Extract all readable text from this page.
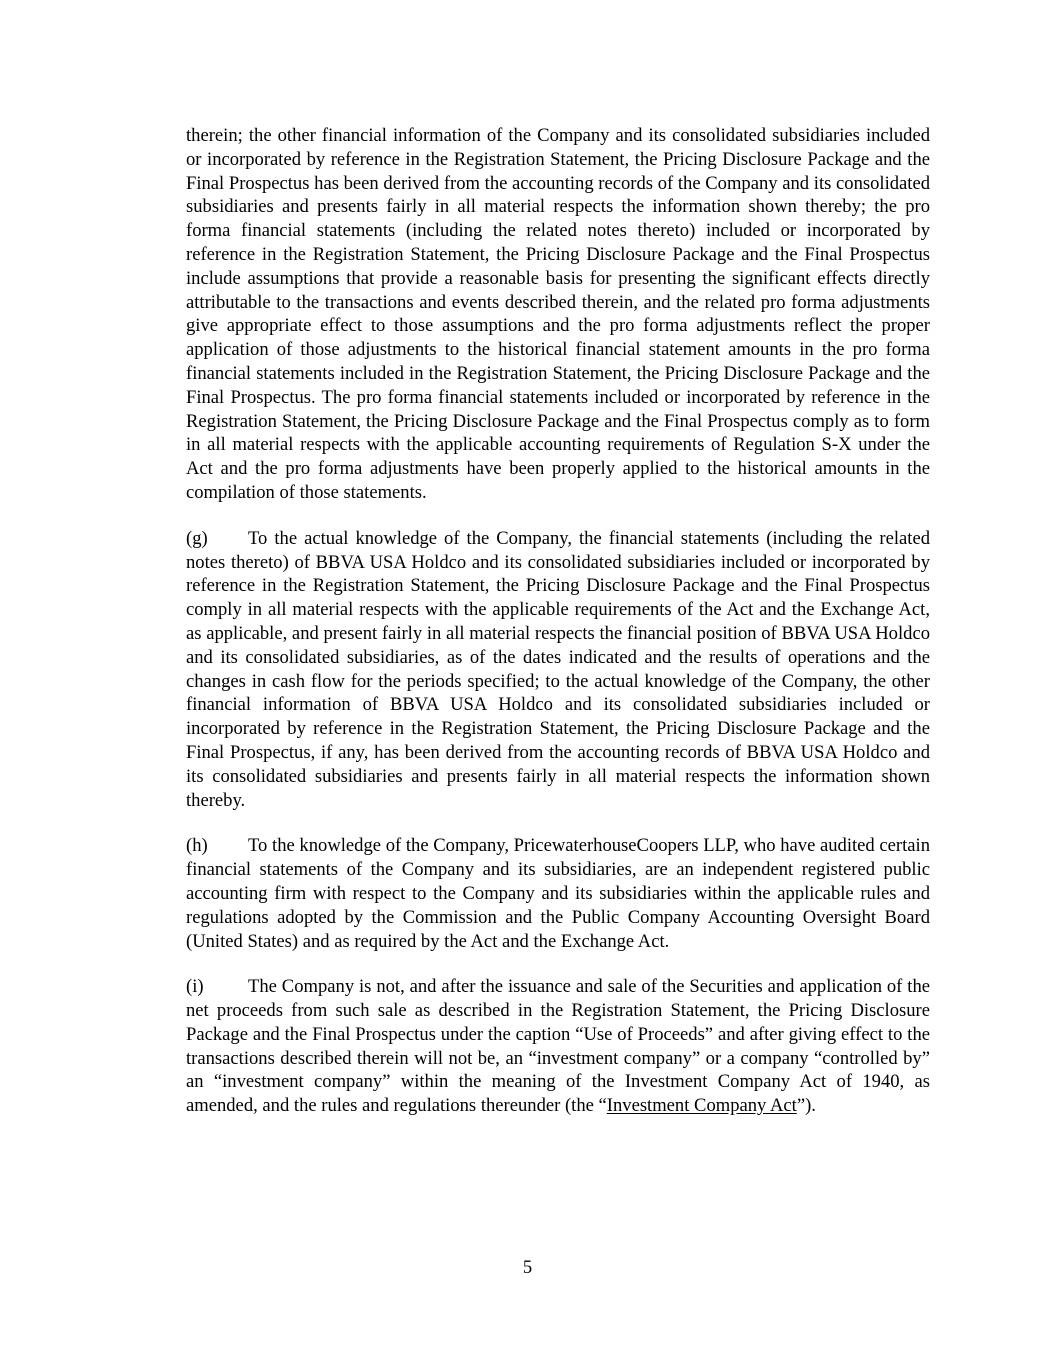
therein; the other financial information of the Company and its consolidated subsidiaries included or incorporated by reference in the Registration Statement, the Pricing Disclosure Package and the Final Prospectus has been derived from the accounting records of the Company and its consolidated subsidiaries and presents fairly in all material respects the information shown thereby; the pro forma financial statements (including the related notes thereto) included or incorporated by reference in the Registration Statement, the Pricing Disclosure Package and the Final Prospectus include assumptions that provide a reasonable basis for presenting the significant effects directly attributable to the transactions and events described therein, and the related pro forma adjustments give appropriate effect to those assumptions and the pro forma adjustments reflect the proper application of those adjustments to the historical financial statement amounts in the pro forma financial statements included in the Registration Statement, the Pricing Disclosure Package and the Final Prospectus. The pro forma financial statements included or incorporated by reference in the Registration Statement, the Pricing Disclosure Package and the Final Prospectus comply as to form in all material respects with the applicable accounting requirements of Regulation S-X under the Act and the pro forma adjustments have been properly applied to the historical amounts in the compilation of those statements.

(g) To the actual knowledge of the Company, the financial statements (including the related notes thereto) of BBVA USA Holdco and its consolidated subsidiaries included or incorporated by reference in the Registration Statement, the Pricing Disclosure Package and the Final Prospectus comply in all material respects with the applicable requirements of the Act and the Exchange Act, as applicable, and present fairly in all material respects the financial position of BBVA USA Holdco and its consolidated subsidiaries, as of the dates indicated and the results of operations and the changes in cash flow for the periods specified; to the actual knowledge of the Company, the other financial information of BBVA USA Holdco and its consolidated subsidiaries included or incorporated by reference in the Registration Statement, the Pricing Disclosure Package and the Final Prospectus, if any, has been derived from the accounting records of BBVA USA Holdco and its consolidated subsidiaries and presents fairly in all material respects the information shown thereby.

(h) To the knowledge of the Company, PricewaterhouseCoopers LLP, who have audited certain financial statements of the Company and its subsidiaries, are an independent registered public accounting firm with respect to the Company and its subsidiaries within the applicable rules and regulations adopted by the Commission and the Public Company Accounting Oversight Board (United States) and as required by the Act and the Exchange Act.

(i) The Company is not, and after the issuance and sale of the Securities and application of the net proceeds from such sale as described in the Registration Statement, the Pricing Disclosure Package and the Final Prospectus under the caption “Use of Proceeds” and after giving effect to the transactions described therein will not be, an “investment company” or a company “controlled by” an “investment company” within the meaning of the Investment Company Act of 1940, as amended, and the rules and regulations thereunder (the “Investment Company Act”).

5
